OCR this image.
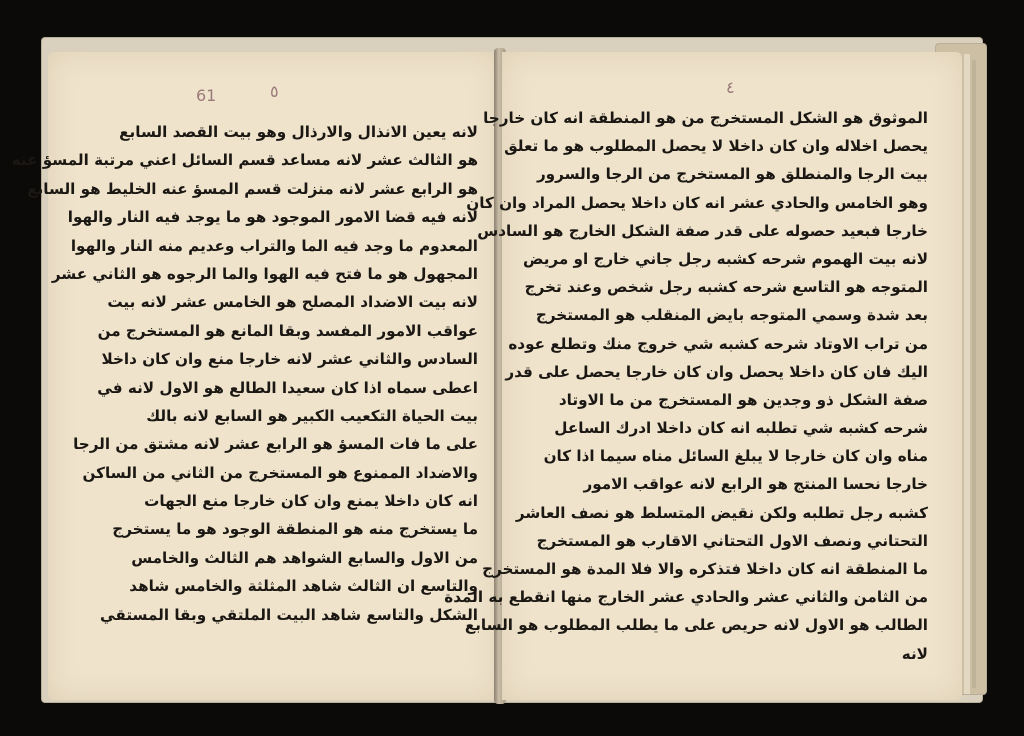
61	٥
لانه يعين الانذال والارذال وهو بيت القصد السابع
هو الثالث عشر لانه مساعد قسم السائل اعني مرتبة المسؤ عنه
هو الرابع عشر لانه منزلت قسم المسؤ عنه الخليط هو السابع
لانه فيه قضا الامور الموجود هو ما يوجد فيه النار والهوا
المعدوم ما وجد فيه الما والتراب وعديم منه النار والهوا
المجهول هو ما فتح فيه الهوا والما الرجوه هو الثاني عشر
لانه بيت الاضداد المصلح هو الخامس عشر لانه بيت
عواقب الامور المفسد وبقا المانع هو المستخرج من
السادس والثاني عشر لانه خارجا منع وان كان داخلا
اعطى سماه اذا كان سعيدا الطالع هو الاول لانه في
بيت الحياة التكعيب الكبير هو السابع لانه بالك
على ما فات المسؤ هو الرابع عشر لانه مشتق من الرجا
والاضداد الممنوع هو المستخرج من الثاني من الساكن
انه كان داخلا يمنع وان كان خارجا منع الجهات
ما يستخرج منه هو المنطقة الوجود هو ما يستخرج
من الاول والسابع الشواهد هم الثالث والخامس
والتاسع ان الثالث شاهد المثلثة والخامس شاهد
الشكل والتاسع شاهد البيت الملتقي وبقا المستقي
٤
الموثوق هو الشكل المستخرج من هو المنطقة انه كان خارجا
يحصل اخلاله وان كان داخلا لا يحصل المطلوب هو ما تعلق
بيت الرجا والمنطلق هو المستخرج من الرجا والسرور
وهو الخامس والحادي عشر انه كان داخلا يحصل المراد وان كان
خارجا فبعيد حصوله على قدر صفة الشكل الخارج هو السادس
لانه بيت الهموم شرحه كشبه رجل جاني خارج او مريض
المتوجه هو التاسع شرحه كشبه رجل شخص وعند تخرج
بعد شدة وسمي المتوجه بايض المنقلب هو المستخرج
من تراب الاوتاد شرحه كشبه شي خروج منك وتطلع عوده
اليك فان كان داخلا يحصل وان كان خارجا يحصل على قدر
صفة الشكل ذو وجدين هو المستخرج من ما الاوتاد
شرحه كشبه شي تطلبه انه كان داخلا ادرك الساعل
مناه وان كان خارجا لا يبلغ السائل مناه سيما اذا كان
خارجا نحسا المنتج هو الرابع لانه عواقب الامور
كشبه رجل تطلبه ولكن نقيض المتسلط هو نصف العاشر
التحتاني ونصف الاول التحتاني الاقارب هو المستخرج
ما المنطقة انه كان داخلا فتذكره والا فلا المدة هو المستخرج
من الثامن والثاني عشر والحادي عشر الخارج منها انقطع به المدة
الطالب هو الاول لانه حريص على ما يطلب المطلوب هو السابع
لانه
